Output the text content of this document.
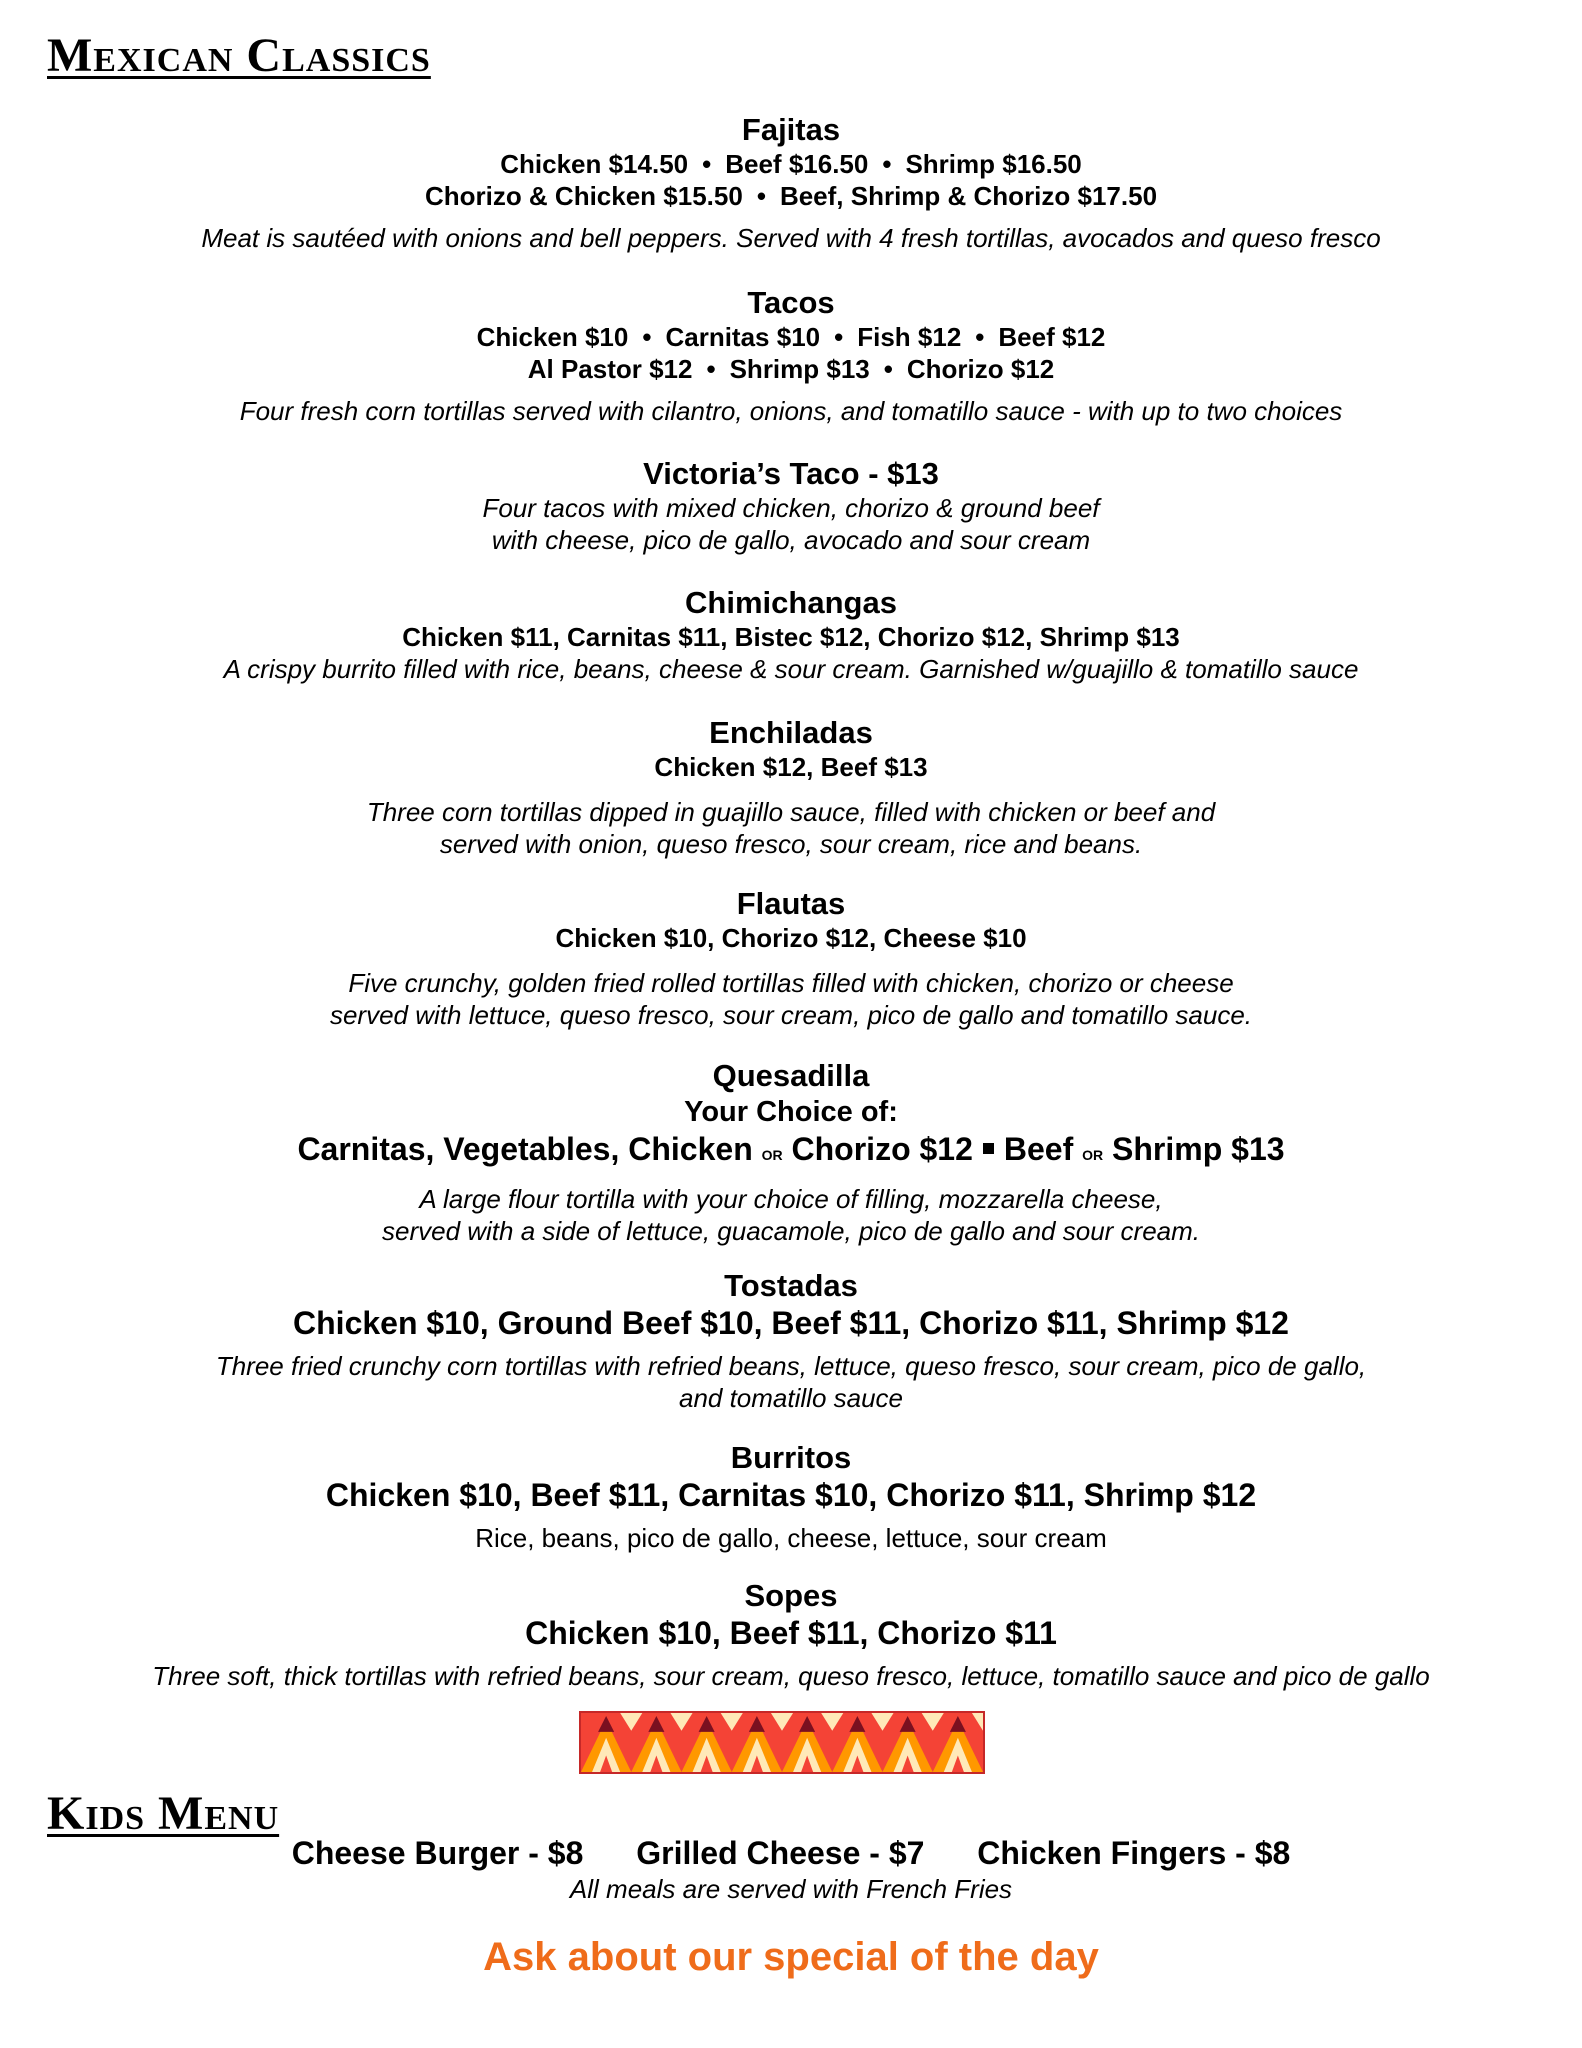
Mexican Classics

Fajitas

Chicken $14.50 • Beef $16.50 • Shrimp $16.50

Chorizo & Chicken $15.50 • Beef, Shrimp & Chorizo $17.50

Meat is sautéed with onions and bell peppers. Served with 4 fresh tortillas, avocados and queso fresco

Tacos

Chicken $10 • Carnitas $10 • Fish $12 • Beef $12

Al Pastor $12 • Shrimp $13 • Chorizo $12

Four fresh corn tortillas served with cilantro, onions, and tomatillo sauce - with up to two choices

Victoria’s Taco - $13

Four tacos with mixed chicken, chorizo & ground beef

with cheese, pico de gallo, avocado and sour cream

Chimichangas

Chicken $11, Carnitas $11, Bistec $12, Chorizo $12, Shrimp $13

A crispy burrito filled with rice, beans, cheese & sour cream. Garnished w/guajillo & tomatillo sauce

Enchiladas

Chicken $12, Beef $13

Three corn tortillas dipped in guajillo sauce, filled with chicken or beef and

served with onion, queso fresco, sour cream, rice and beans.

Flautas

Chicken $10, Chorizo $12, Cheese $10

Five crunchy, golden fried rolled tortillas filled with chicken, chorizo or cheese

served with lettuce, queso fresco, sour cream, pico de gallo and tomatillo sauce.

Quesadilla

Your Choice of:

Carnitas, Vegetables, Chicken or Chorizo $12 Beef or Shrimp $13

A large flour tortilla with your choice of filling, mozzarella cheese,

served with a side of lettuce, guacamole, pico de gallo and sour cream.

Tostadas

Chicken $10, Ground Beef $10, Beef $11, Chorizo $11, Shrimp $12

Three fried crunchy corn tortillas with refried beans, lettuce, queso fresco, sour cream, pico de gallo,

and tomatillo sauce

Burritos

Chicken $10, Beef $11, Carnitas $10, Chorizo $11, Shrimp $12

Rice, beans, pico de gallo, cheese, lettuce, sour cream

Sopes

Chicken $10, Beef $11, Chorizo $11

Three soft, thick tortillas with refried beans, sour cream, queso fresco, lettuce, tomatillo sauce and pico de gallo

Kids Menu
Cheese Burger - $8 Grilled Cheese - $7 Chicken Fingers - $8
All meals are served with French Fries
Ask about our special of the day
